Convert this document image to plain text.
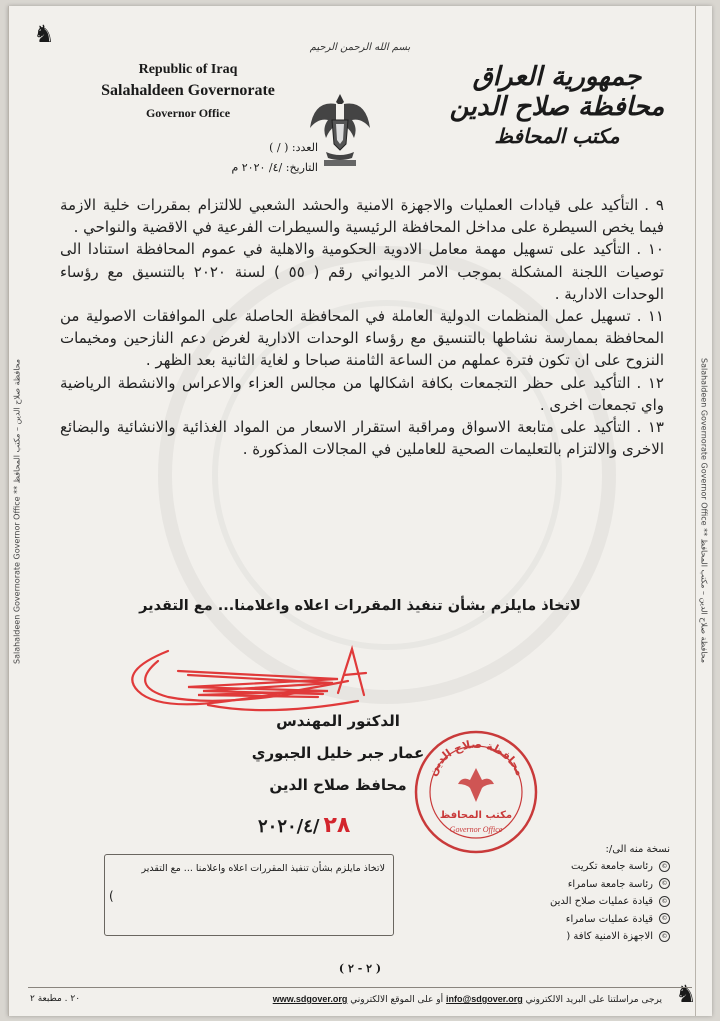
Salahaldeen Governorate Governor Office ** محافظة صلاح الدين – مكتب المحافظ
Salahaldeen Governorate Governor Office ** محافظة صلاح الدين – مكتب المحافظ
♞
♞
بسم الله الرحمن الرحيم
Republic of Iraq
Salahaldeen Governorate
Governor Office
جمهورية العراق
محافظة صلاح الدين
مكتب المحافظ
العدد: ( / )
التاريخ: /٤/ ٢٠٢٠ م

٩ .التأكيد على قيادات العمليات والاجهزة الامنية والحشد الشعبي للالتزام بمقررات خلية الازمة فيما يخص السيطرة على مداخل المحافظة الرئيسية والسيطرات الفرعية في الاقضية والنواحي .

١٠ .التأكيد على تسهيل مهمة معامل الادوية الحكومية والاهلية في عموم المحافظة استنادا الى توصيات اللجنة المشكلة بموجب الامر الديواني رقم ( ٥٥ ) لسنة ٢٠٢٠ بالتنسيق مع رؤساء الوحدات الادارية .

١١ .تسهيل عمل المنظمات الدولية العاملة في المحافظة الحاصلة على الموافقات الاصولية من المحافظة بممارسة نشاطها بالتنسيق مع رؤساء الوحدات الادارية لغرض دعم النازحين ومخيمات النزوح على ان تكون فترة عملهم من الساعة الثامنة صباحا و لغاية الثانية بعد الظهر .

١٢ .التأكيد على حظر التجمعات بكافة اشكالها من مجالس العزاء والاعراس والانشطة الرياضية واي تجمعات اخرى .

١٣ .التأكيد على متابعة الاسواق ومراقبة استقرار الاسعار من المواد الغذائية والانشائية والبضائع الاخرى والالتزام بالتعليمات الصحية للعاملين في المجالات المذكورة .

لاتخاذ مايلزم بشأن تنفيذ المقررات اعلاه واعلامنا... مع التقدير
الدكتور المهندس
عمار جبر خليل الجبوري
محافظ صلاح الدين
٢٠٢٠/٤/ ٢٨
محافظة صلاح الدين
مكتب المحافظ
Governor Office
لاتخاذ مايلزم بشأن تنفيذ المقررات اعلاه واعلامنا ... مع التقدير
)
نسخة منه الى/:
©رئاسة جامعة تكريت
©رئاسة جامعة سامراء
©قيادة عمليات صلاح الدين
©قيادة عمليات سامراء
©الاجهزة الامنية كافة (
( ٢ - ٢ )
٢٠ . مطبعة ٢	يرجى مراسلتنا على البريد الالكتروني info@sdgover.org أو على الموقع الالكتروني www.sdgover.org
